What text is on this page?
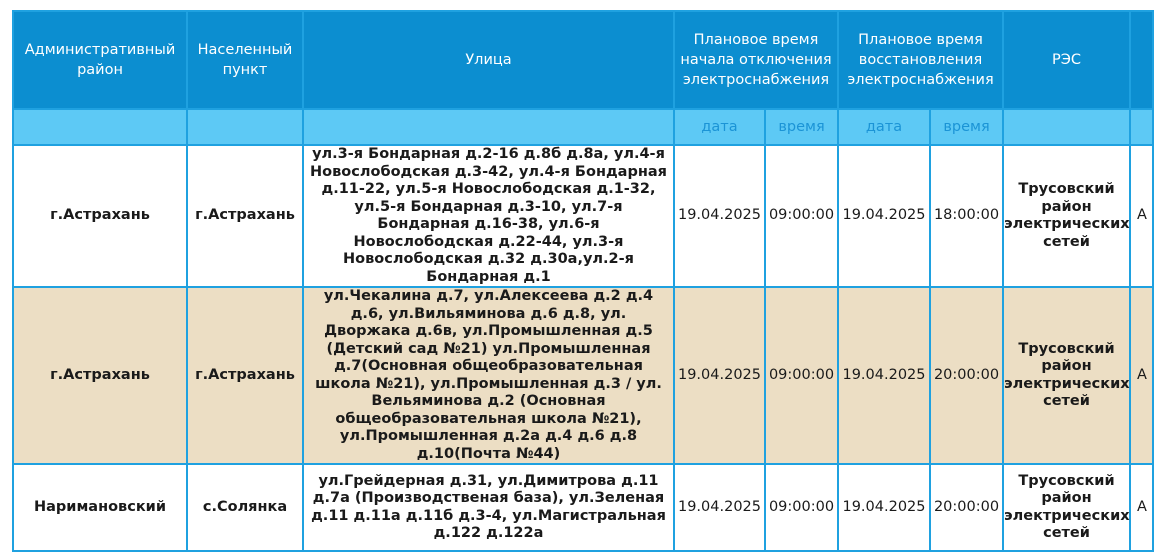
Административный район	Населенный пункт	Улица	Плановое время начала отключения электроснабжения		Плановое время восстановления электроснабжения		РЭС	
			дата	время	дата	время		
г.Астрахань	г.Астрахань	ул.3-я Бондарная д.2-16 д.8б д.8а, ул.4-я Новослободская д.3-42, ул.4-я Бондарная д.11-22, ул.5-я Новослободская д.1-32, ул.5-я Бондарная д.3-10, ул.7-я Бондарная д.16-38, ул.6-я Новослободская д.22-44, ул.3-я Новослободская д.32 д.30а,ул.2-я Бондарная д.1	19.04.2025	09:00:00	19.04.2025	18:00:00	Трусовский район электрических сетей	А
г.Астрахань	г.Астрахань	ул.Чекалина д.7, ул.Алексеева д.2 д.4 д.6, ул.Вильяминова д.6 д.8, ул. Дворжака д.6в, ул.Промышленная д.5 (Детский сад №21) ул.Промышленная д.7(Основная общеобразовательная школа №21), ул.Промышленная д.3 / ул. Вельяминова д.2 (Основная общеобразовательная школа №21), ул.Промышленная д.2а д.4 д.6 д.8 д.10(Почта №44)	19.04.2025	09:00:00	19.04.2025	20:00:00	Трусовский район электрических сетей	А
Наримановский	с.Солянка	ул.Грейдерная д.31, ул.Димитрова д.11 д.7а (Производственая база), ул.Зеленая д.11 д.11а д.11б д.3-4, ул.Магистральная д.122 д.122а	19.04.2025	09:00:00	19.04.2025	20:00:00	Трусовский район электрических сетей	А
